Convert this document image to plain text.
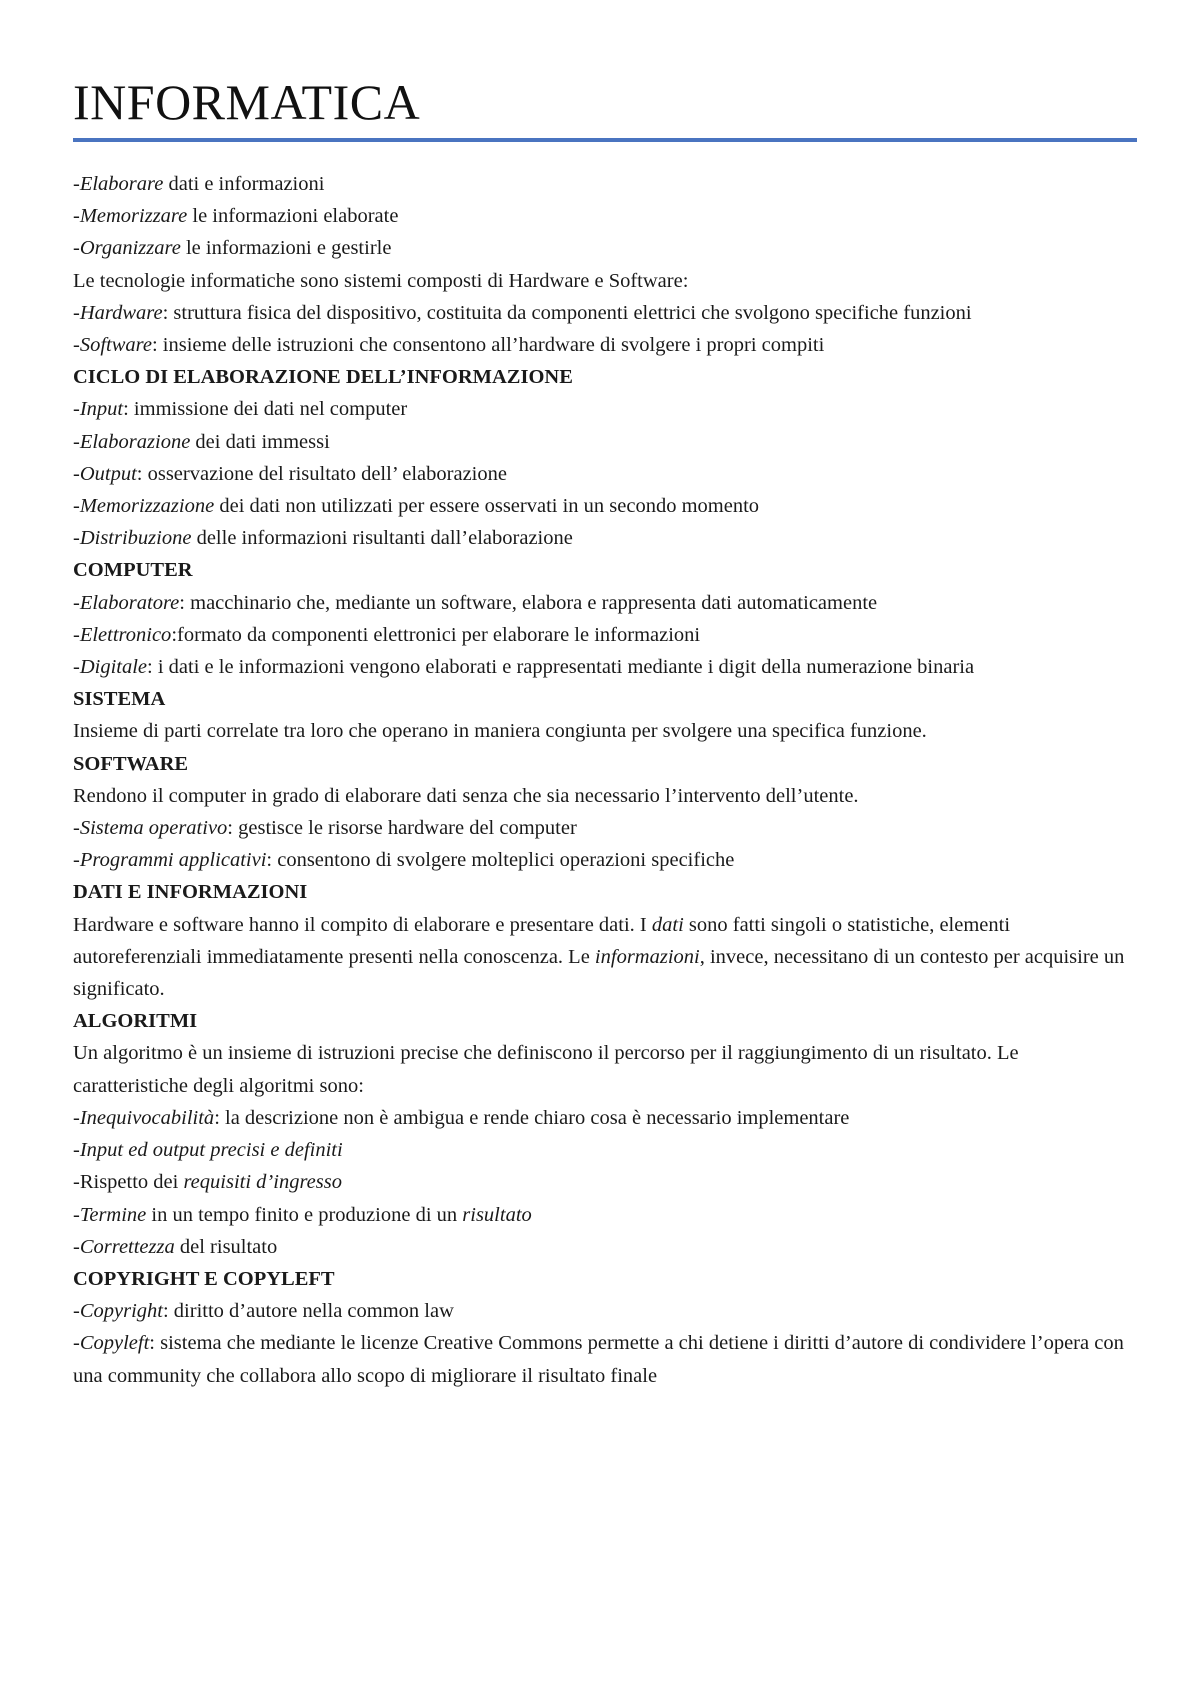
INFORMATICA

-Elaborare dati e informazioni

-Memorizzare le informazioni elaborate

-Organizzare le informazioni e gestirle

Le tecnologie informatiche sono sistemi composti di Hardware e Software:

-Hardware: struttura fisica del dispositivo, costituita da componenti elettrici che svolgono specifiche funzioni

-Software: insieme delle istruzioni che consentono all’hardware di svolgere i propri compiti

CICLO DI ELABORAZIONE DELL’INFORMAZIONE

-Input: immissione dei dati nel computer

-Elaborazione dei dati immessi

-Output: osservazione del risultato dell’ elaborazione

-Memorizzazione dei dati non utilizzati per essere osservati in un secondo momento

-Distribuzione delle informazioni risultanti dall’elaborazione

COMPUTER

-Elaboratore: macchinario che, mediante un software, elabora e rappresenta dati automaticamente

-Elettronico:formato da componenti elettronici per elaborare le informazioni

-Digitale: i dati e le informazioni vengono elaborati e rappresentati mediante i digit della numerazione binaria

SISTEMA

Insieme di parti correlate tra loro che operano in maniera congiunta per svolgere una specifica funzione.

SOFTWARE

Rendono il computer in grado di elaborare dati senza che sia necessario l’intervento dell’utente.

-Sistema operativo: gestisce le risorse hardware del computer

-Programmi applicativi: consentono di svolgere molteplici operazioni specifiche

DATI E INFORMAZIONI

Hardware e software hanno il compito di elaborare e presentare dati. I dati sono fatti singoli o statistiche, elementi autoreferenziali immediatamente presenti nella conoscenza. Le informazioni, invece, necessitano di un contesto per acquisire un significato.

ALGORITMI

Un algoritmo è un insieme di istruzioni precise che definiscono il percorso per il raggiungimento di un risultato. Le caratteristiche degli algoritmi sono:

-Inequivocabilità: la descrizione non è ambigua e rende chiaro cosa è necessario implementare

-Input ed output precisi e definiti

-Rispetto dei requisiti d’ingresso

-Termine in un tempo finito e produzione di un risultato

-Correttezza del risultato

COPYRIGHT E COPYLEFT

-Copyright: diritto d’autore nella common law

-Copyleft: sistema che mediante le licenze Creative Commons permette a chi detiene i diritti d’autore di condividere l’opera con una community che collabora allo scopo di migliorare il risultato finale
